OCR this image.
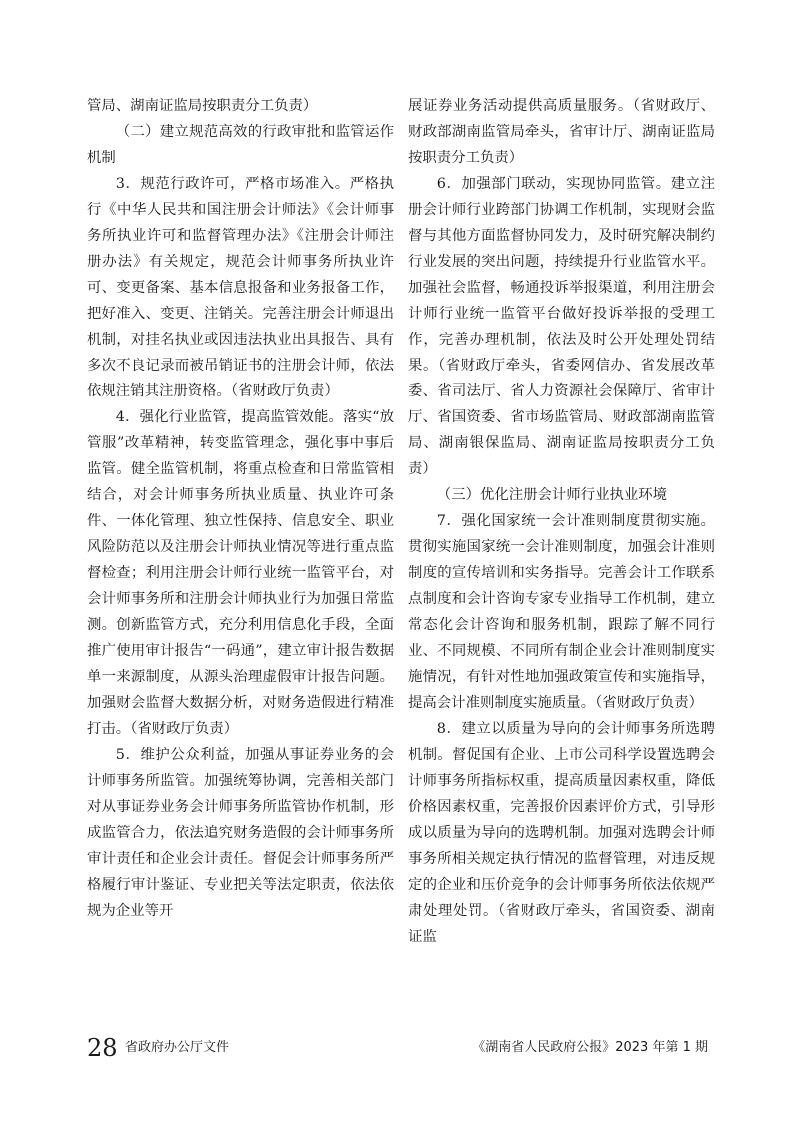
管局、湖南证监局按职责分工负责）

（二）建立规范高效的行政审批和监管运作机制

3．规范行政许可，严格市场准入。严格执行《中华人民共和国注册会计师法》《会计师事务所执业许可和监督管理办法》《注册会计师注册办法》有关规定，规范会计师事务所执业许可、变更备案、基本信息报备和业务报备工作，把好准入、变更、注销关。完善注册会计师退出机制，对挂名执业或因违法执业出具报告、具有多次不良记录而被吊销证书的注册会计师，依法依规注销其注册资格。（省财政厅负责）

4．强化行业监管，提高监管效能。落实“放管服”改革精神，转变监管理念，强化事中事后监管。健全监管机制，将重点检查和日常监管相结合，对会计师事务所执业质量、执业许可条件、一体化管理、独立性保持、信息安全、职业风险防范以及注册会计师执业情况等进行重点监督检查；利用注册会计师行业统一监管平台，对会计师事务所和注册会计师执业行为加强日常监测。创新监管方式，充分利用信息化手段，全面推广使用审计报告“一码通”，建立审计报告数据单一来源制度，从源头治理虚假审计报告问题。加强财会监督大数据分析，对财务造假进行精准打击。（省财政厅负责）

5．维护公众利益，加强从事证券业务的会计师事务所监管。加强统筹协调，完善相关部门对从事证券业务会计师事务所监管协作机制，形成监管合力，依法追究财务造假的会计师事务所审计责任和企业会计责任。督促会计师事务所严格履行审计鉴证、专业把关等法定职责，依法依规为企业等开

展证券业务活动提供高质量服务。（省财政厅、财政部湖南监管局牵头，省审计厅、湖南证监局按职责分工负责）

6．加强部门联动，实现协同监管。建立注册会计师行业跨部门协调工作机制，实现财会监督与其他方面监督协同发力，及时研究解决制约行业发展的突出问题，持续提升行业监管水平。加强社会监督，畅通投诉举报渠道，利用注册会计师行业统一监管平台做好投诉举报的受理工作，完善办理机制，依法及时公开处理处罚结果。（省财政厅牵头，省委网信办、省发展改革委、省司法厅、省人力资源社会保障厅、省审计厅、省国资委、省市场监管局、财政部湖南监管局、湖南银保监局、湖南证监局按职责分工负责）

（三）优化注册会计师行业执业环境

7．强化国家统一会计准则制度贯彻实施。贯彻实施国家统一会计准则制度，加强会计准则制度的宣传培训和实务指导。完善会计工作联系点制度和会计咨询专家专业指导工作机制，建立常态化会计咨询和服务机制，跟踪了解不同行业、不同规模、不同所有制企业会计准则制度实施情况，有针对性地加强政策宣传和实施指导，提高会计准则制度实施质量。（省财政厅负责）

8．建立以质量为导向的会计师事务所选聘机制。督促国有企业、上市公司科学设置选聘会计师事务所指标权重，提高质量因素权重，降低价格因素权重，完善报价因素评价方式，引导形成以质量为导向的选聘机制。加强对选聘会计师事务所相关规定执行情况的监督管理，对违反规定的企业和压价竞争的会计师事务所依法依规严肃处理处罚。（省财政厅牵头，省国资委、湖南证监

28 省政府办公厅文件	《湖南省人民政府公报》2023 年第 1 期
